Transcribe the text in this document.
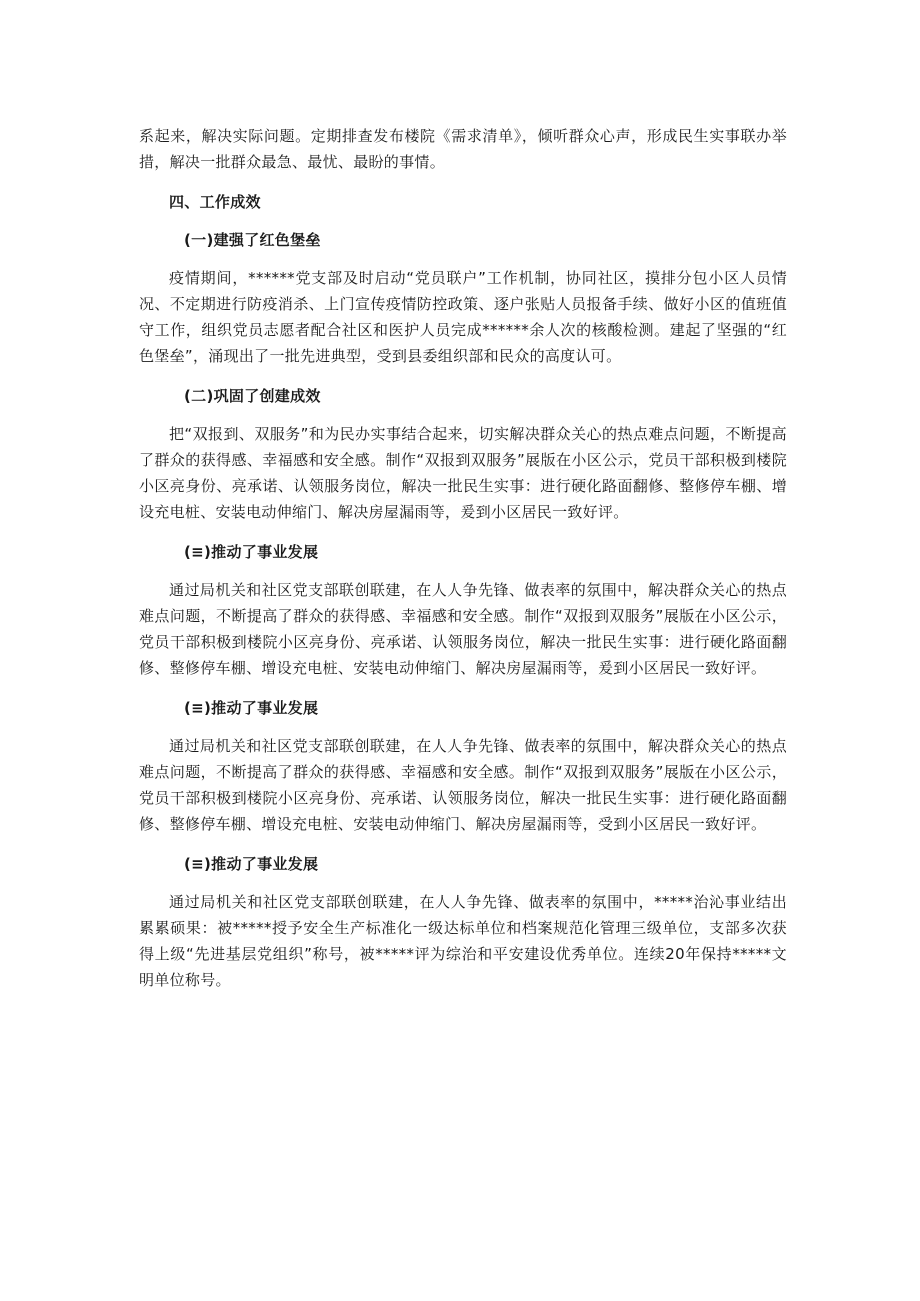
系起来，解决实际问题。定期排查发布楼院《需求清单》，倾听群众心声，形成民生实事联办举措，解决一批群众最急、最忧、最盼的事情。

四、工作成效

(一)建强了红色堡垒

疫情期间，******党支部及时启动“党员联户”工作机制，协同社区，摸排分包小区人员情况、不定期进行防疫消杀、上门宣传疫情防控政策、逐户张贴人员报备手续、做好小区的值班值守工作，组织党员志愿者配合社区和医护人员完成******余人次的核酸检测。建起了坚强的“红色堡垒”，涌现出了一批先进典型，受到县委组织部和民众的高度认可。

(二)巩固了创建成效

把“双报到、双服务”和为民办实事结合起来，切实解决群众关心的热点难点问题，不断提高了群众的获得感、幸福感和安全感。制作“双报到双服务”展版在小区公示，党员干部积极到楼院小区亮身份、亮承诺、认领服务岗位，解决一批民生实事：进行硬化路面翻修、整修停车棚、增设充电桩、安装电动伸缩门、解决房屋漏雨等，爰到小区居民一致好评。

(≡)推动了事业发展

通过局机关和社区党支部联创联建，在人人争先锋、做表率的氛围中，解决群众关心的热点难点问题，不断提高了群众的获得感、幸福感和安全感。制作“双报到双服务”展版在小区公示，党员干部积极到楼院小区亮身份、亮承诺、认领服务岗位，解决一批民生实事：进行硬化路面翻修、整修停车棚、增设充电桩、安装电动伸缩门、解决房屋漏雨等，爰到小区居民一致好评。

(≡)推动了事业发展

通过局机关和社区党支部联创联建，在人人争先锋、做表率的氛围中，解决群众关心的热点难点问题，不断提高了群众的获得感、幸福感和安全感。制作“双报到双服务”展版在小区公示，党员干部积极到楼院小区亮身份、亮承诺、认领服务岗位，解决一批民生实事：进行硬化路面翻修、整修停车棚、增设充电桩、安装电动伸缩门、解决房屋漏雨等，受到小区居民一致好评。

(≡)推动了事业发展

通过局机关和社区党支部联创联建，在人人争先锋、做表率的氛围中，*****治沁事业结出累累硕果：被*****授予安全生产标准化一级达标单位和档案规范化管理三级单位，支部多次获得上级“先进基层党组织”称号，被*****评为综治和平安建设优秀单位。连续20年保持*****文明单位称号。
